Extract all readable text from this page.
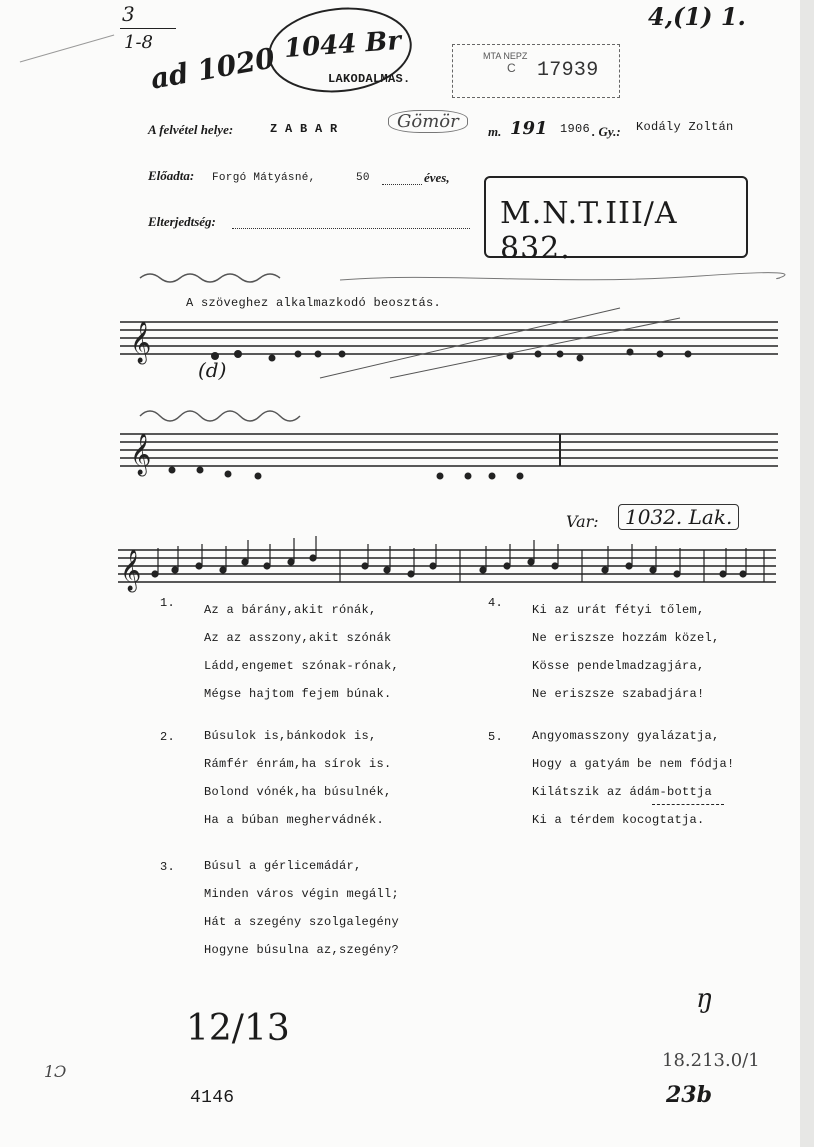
3
1-8
ad 1020 1044 Br
4,(1) 1.
MTA NEPZ
C 17939
LAKODALMAS.
A felvétel helye:	Z A B A R	Gömör	m. 191 1906 . Gy.: Kodály Zoltán
Előadta: Forgó Mátyásné,	50	éves,
Elterjedtség:	M.N.T.III/A 832.
A szöveghez alkalmazkodó beosztás.
𝄞
(d)
𝄞
Var:	1032. Lak.
𝄞
1. Az a bárány,akit rónák,
Az az asszony,akit szónák
Ládd,engemet szónak-rónak,
Mégse hajtom fejem búnak.
2. Búsulok is,bánkodok is,
Rámfér énrám,ha sírok is.
Bolond vónék,ha búsulnék,
Ha a búban meghervádnék.
3. Búsul a gérlicemádár,
Minden város végin megáll;
Hát a szegény szolgalegény
Hogyne búsulna az,szegény?
4. Ki az urát fétyi tőlem,
Ne eriszsze hozzám közel,
Kösse pendelmadzagjára,
Ne eriszsze szabadjára!
5. Angyomasszony gyalázatja,
Hogy a gatyám be nem fódja!
Kilátszik az ádám-bottja
Ki a térdem kocogtatja.
ŋ
12/13
1Ɔ
4146
18.213.0/1
23b
